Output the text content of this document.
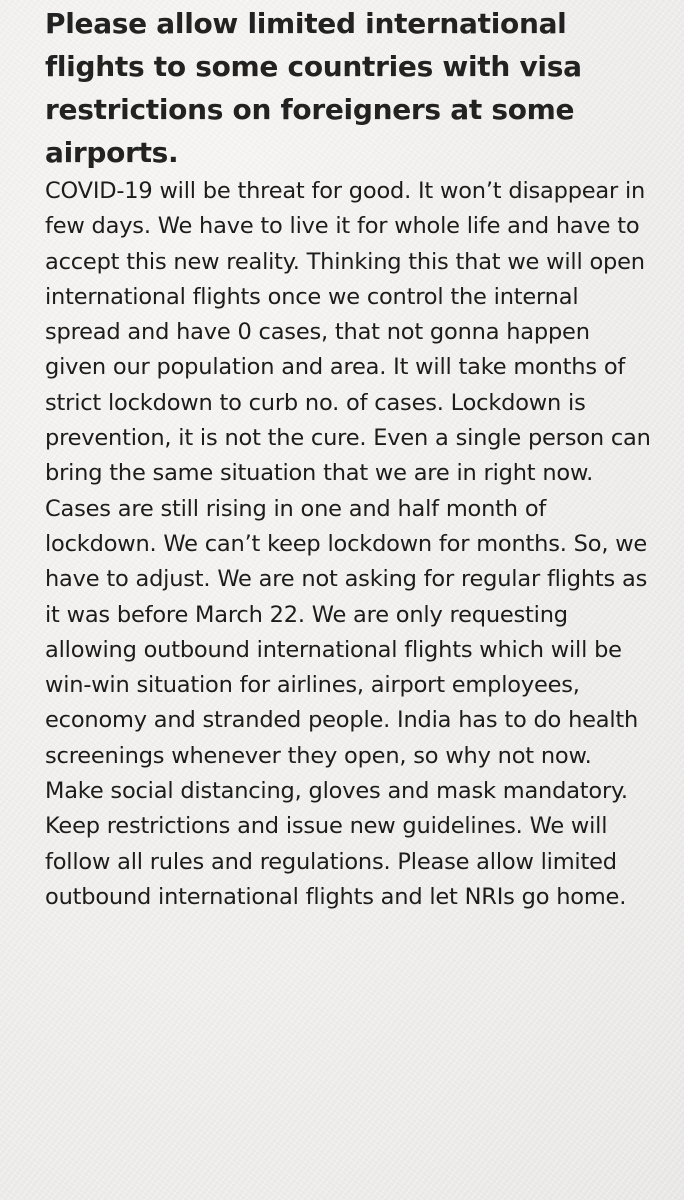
Please allow limited international flights to some countries with visa restrictions on foreigners at some airports.

COVID-19 will be threat for good. It won’t disappear in few days. We have to live it for whole life and have to accept this new reality. Thinking this that we will open international flights once we control the internal spread and have 0 cases, that not gonna happen given our population and area. It will take months of strict lockdown to curb no. of cases. Lockdown is prevention, it is not the cure. Even a single person can bring the same situation that we are in right now. Cases are still rising in one and half month of lockdown. We can’t keep lockdown for months. So, we have to adjust. We are not asking for regular flights as it was before March 22. We are only requesting allowing outbound international flights which will be win-win situation for airlines, airport employees, economy and stranded people. India has to do health screenings whenever they open, so why not now. Make social distancing, gloves and mask mandatory. Keep restrictions and issue new guidelines. We will follow all rules and regulations. Please allow limited outbound international flights and let NRIs go home.
